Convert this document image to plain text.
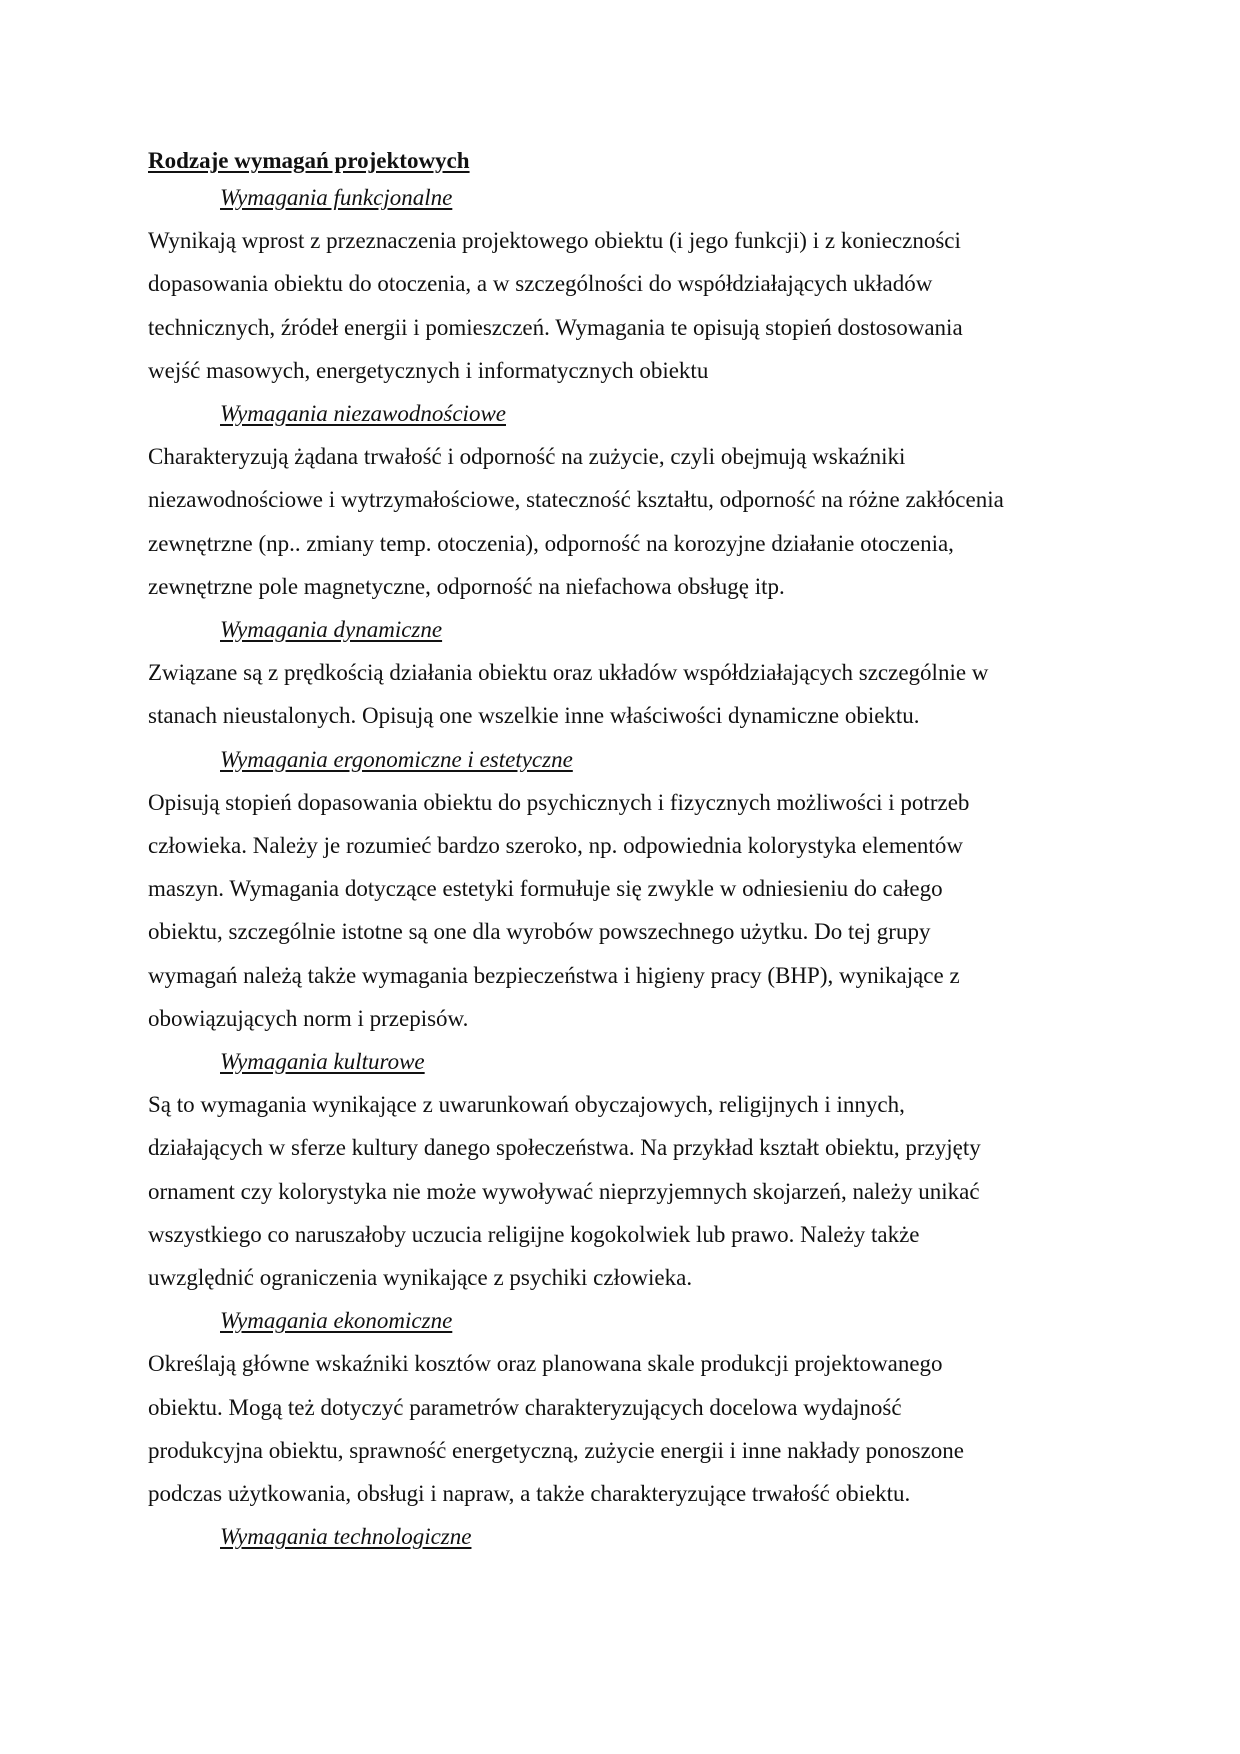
Rodzaje wymagań projektowych
Wymagania funkcjonalne

Wynikają wprost z przeznaczenia projektowego obiektu (i jego funkcji) i z konieczności
dopasowania obiektu do otoczenia, a w szczególności do współdziałających układów
technicznych, źródeł energii i pomieszczeń. Wymagania te opisują stopień dostosowania
wejść masowych, energetycznych i informatycznych obiektu

Wymagania niezawodnościowe

Charakteryzują żądana trwałość i odporność na zużycie, czyli obejmują wskaźniki
niezawodnościowe i wytrzymałościowe, stateczność kształtu, odporność na różne zakłócenia
zewnętrzne (np.. zmiany temp. otoczenia), odporność na korozyjne działanie otoczenia,
zewnętrzne pole magnetyczne, odporność na niefachowa obsługę itp.

Wymagania dynamiczne

Związane są z prędkością działania obiektu oraz układów współdziałających szczególnie w
stanach nieustalonych. Opisują one wszelkie inne właściwości dynamiczne obiektu.

Wymagania ergonomiczne i estetyczne

Opisują stopień dopasowania obiektu do psychicznych i fizycznych możliwości i potrzeb
człowieka. Należy je rozumieć bardzo szeroko, np. odpowiednia kolorystyka elementów
maszyn. Wymagania dotyczące estetyki formułuje się zwykle w odniesieniu do całego
obiektu, szczególnie istotne są one dla wyrobów powszechnego użytku. Do tej grupy
wymagań należą także wymagania bezpieczeństwa i higieny pracy (BHP), wynikające z
obowiązujących norm i przepisów.

Wymagania kulturowe

Są to wymagania wynikające z uwarunkowań obyczajowych, religijnych i innych,
działających w sferze kultury danego społeczeństwa. Na przykład kształt obiektu, przyjęty
ornament czy kolorystyka nie może wywoływać nieprzyjemnych skojarzeń, należy unikać
wszystkiego co naruszałoby uczucia religijne kogokolwiek lub prawo. Należy także
uwzględnić ograniczenia wynikające z psychiki człowieka.

Wymagania ekonomiczne

Określają główne wskaźniki kosztów oraz planowana skale produkcji projektowanego
obiektu. Mogą też dotyczyć parametrów charakteryzujących docelowa wydajność
produkcyjna obiektu, sprawność energetyczną, zużycie energii i inne nakłady ponoszone
podczas użytkowania, obsługi i napraw, a także charakteryzujące trwałość obiektu.

Wymagania technologiczne
